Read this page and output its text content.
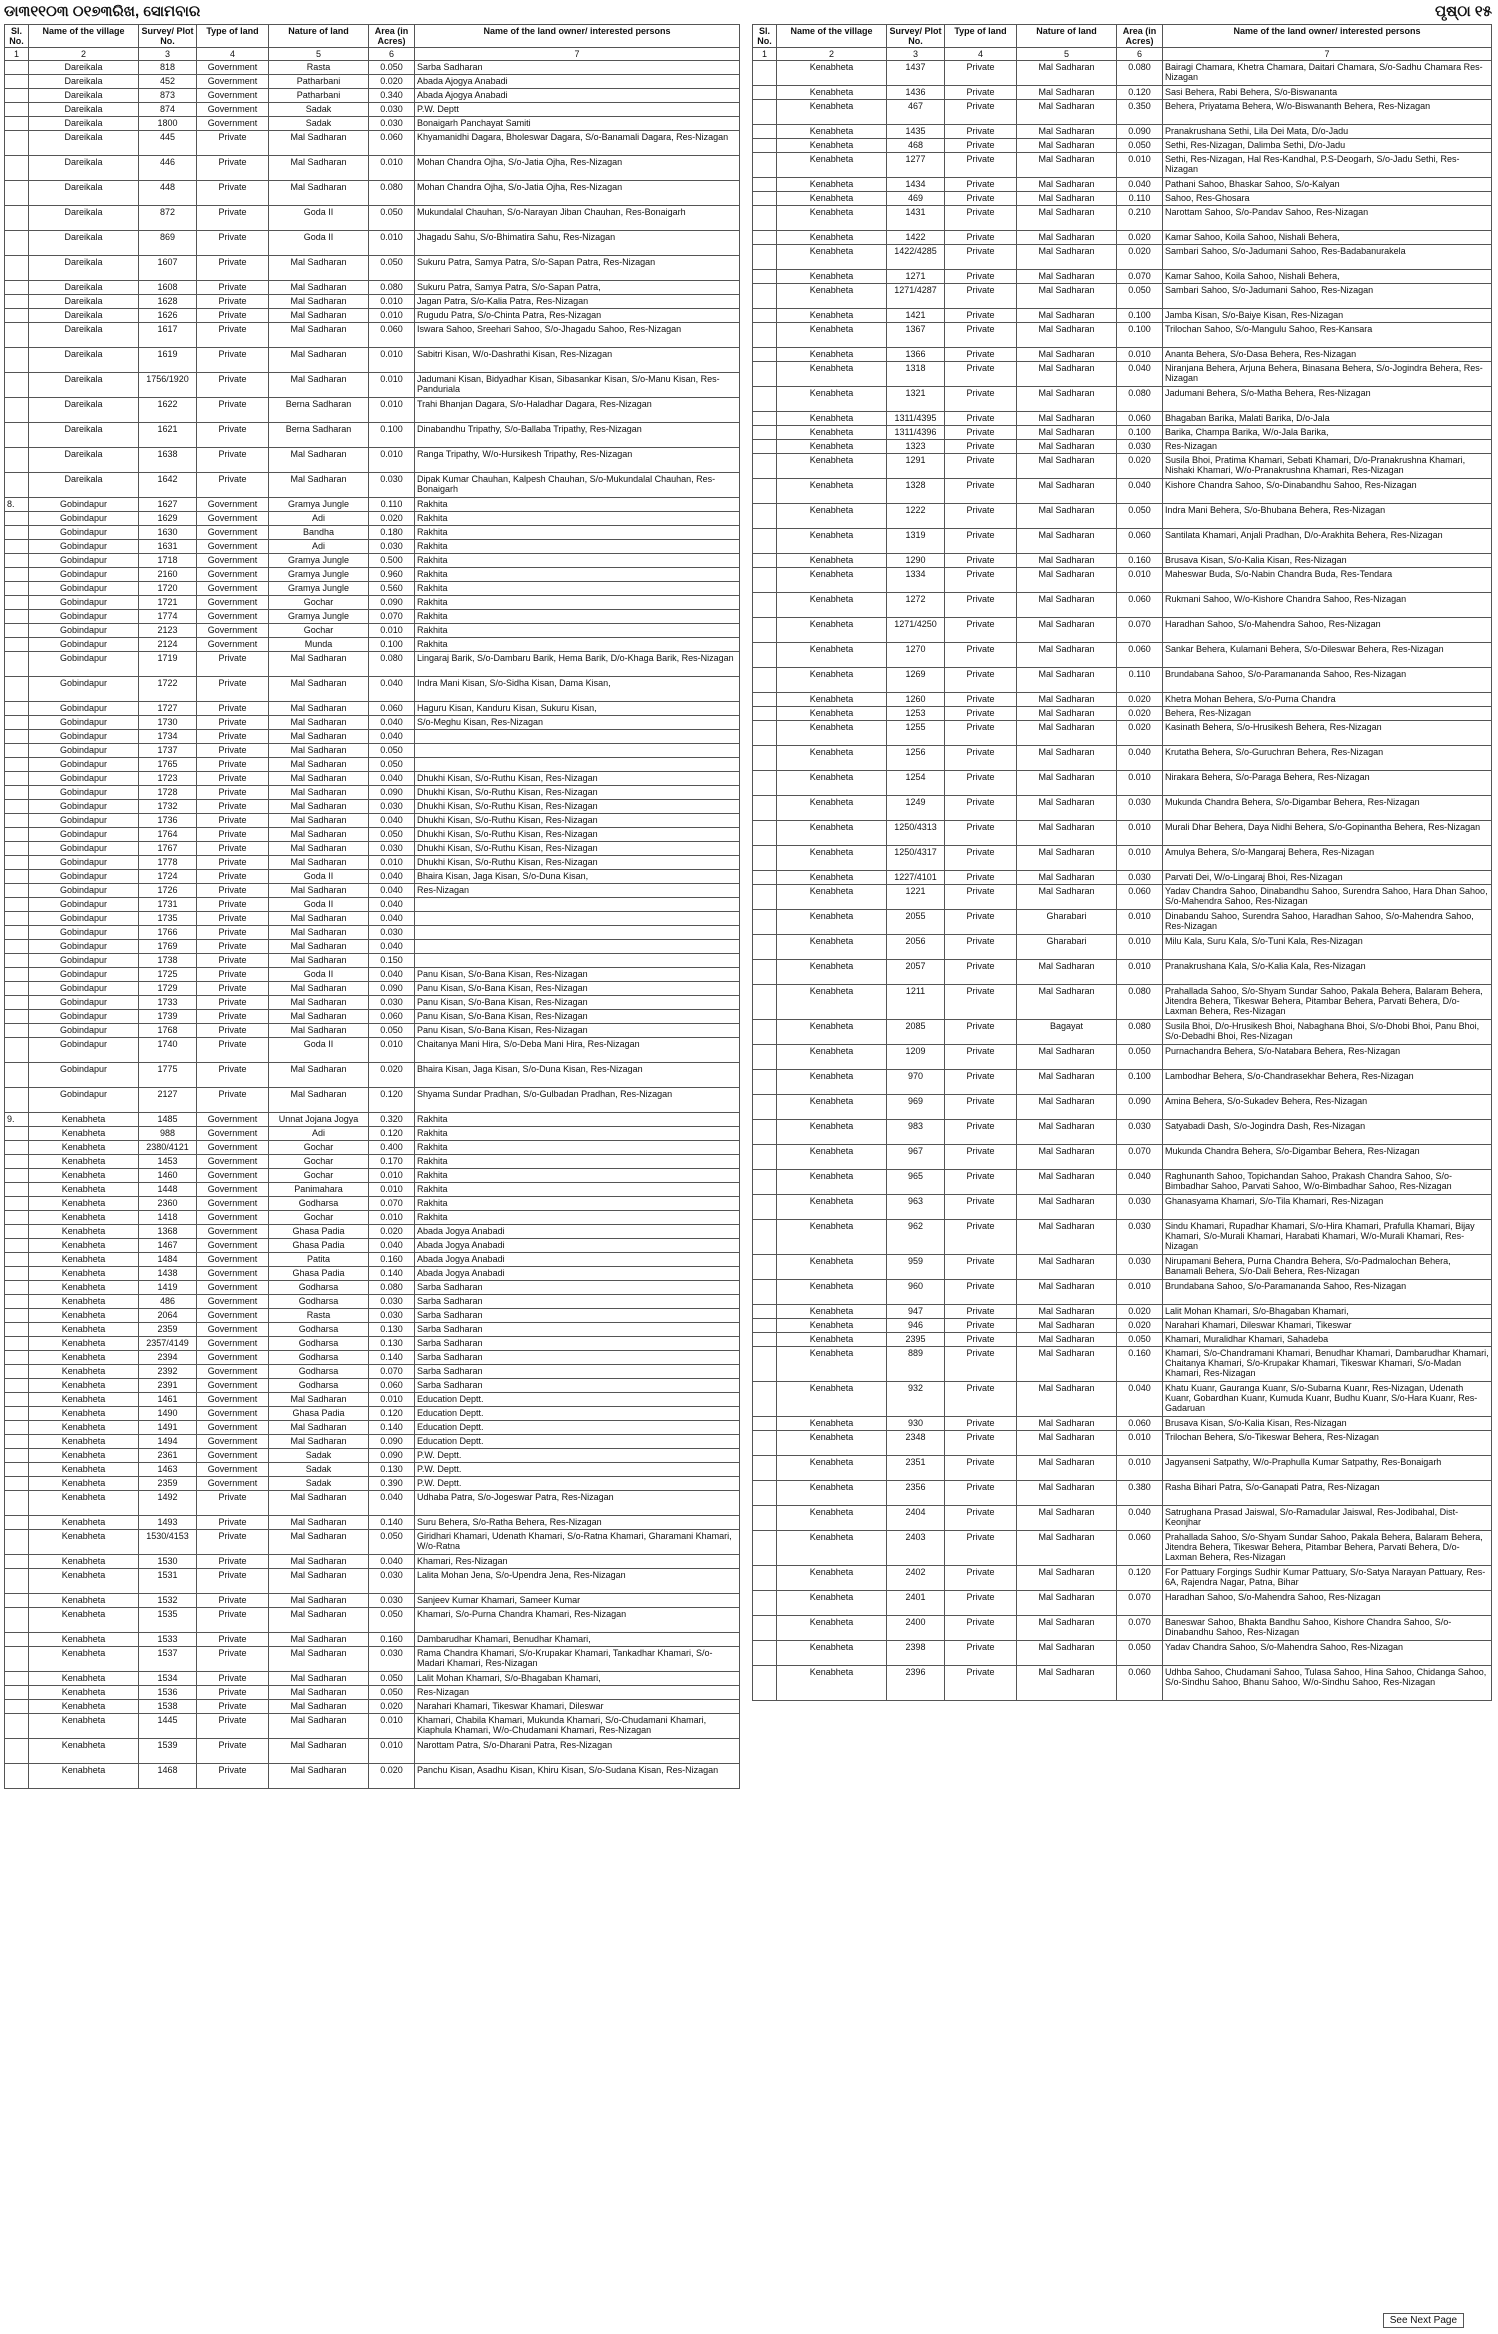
ଡା୩୧୧୦୩ ୦୧୭୩ରିଖ, ସୋମବାର	ପୃଷ୍ଠା ୧୫
Sl. No.	Name of the village	Survey/ Plot No.	Type of land	Nature of land	Area (in Acres)	Name of the land owner/ interested persons
1	2	3	4	5	6	7
	Dareikala	818	Government	Rasta	0.050	Sarba Sadharan
	Dareikala	452	Government	Patharbani	0.020	Abada Ajogya Anabadi
	Dareikala	873	Government	Patharbani	0.340	Abada Ajogya Anabadi
	Dareikala	874	Government	Sadak	0.030	P.W. Deptt
	Dareikala	1800	Government	Sadak	0.030	Bonaigarh Panchayat Samiti
	Dareikala	445	Private	Mal Sadharan	0.060	Khyamanidhi Dagara, Bholeswar Dagara, S/o-Banamali Dagara, Res-Nizagan
	Dareikala	446	Private	Mal Sadharan	0.010	Mohan Chandra Ojha, S/o-Jatia Ojha, Res-Nizagan
	Dareikala	448	Private	Mal Sadharan	0.080	Mohan Chandra Ojha, S/o-Jatia Ojha, Res-Nizagan
	Dareikala	872	Private	Goda II	0.050	Mukundalal Chauhan, S/o-Narayan Jiban Chauhan, Res-Bonaigarh
	Dareikala	869	Private	Goda II	0.010	Jhagadu Sahu, S/o-Bhimatira Sahu, Res-Nizagan
	Dareikala	1607	Private	Mal Sadharan	0.050	Sukuru Patra, Samya Patra, S/o-Sapan Patra, Res-Nizagan
	Dareikala	1608	Private	Mal Sadharan	0.080	Sukuru Patra, Samya Patra, S/o-Sapan Patra,
	Dareikala	1628	Private	Mal Sadharan	0.010	Jagan Patra, S/o-Kalia Patra, Res-Nizagan
	Dareikala	1626	Private	Mal Sadharan	0.010	Rugudu Patra, S/o-Chinta Patra, Res-Nizagan
	Dareikala	1617	Private	Mal Sadharan	0.060	Iswara Sahoo, Sreehari Sahoo, S/o-Jhagadu Sahoo, Res-Nizagan
	Dareikala	1619	Private	Mal Sadharan	0.010	Sabitri Kisan, W/o-Dashrathi Kisan, Res-Nizagan
	Dareikala	1756/1920	Private	Mal Sadharan	0.010	Jadumani Kisan, Bidyadhar Kisan, Sibasankar Kisan, S/o-Manu Kisan, Res-Panduriala
	Dareikala	1622	Private	Berna Sadharan	0.010	Trahi Bhanjan Dagara, S/o-Haladhar Dagara, Res-Nizagan
	Dareikala	1621	Private	Berna Sadharan	0.100	Dinabandhu Tripathy, S/o-Ballaba Tripathy, Res-Nizagan
	Dareikala	1638	Private	Mal Sadharan	0.010	Ranga Tripathy, W/o-Hursikesh Tripathy, Res-Nizagan
	Dareikala	1642	Private	Mal Sadharan	0.030	Dipak Kumar Chauhan, Kalpesh Chauhan, S/o-Mukundalal Chauhan, Res-Bonaigarh
8.	Gobindapur	1627	Government	Gramya Jungle	0.110	Rakhita
	Gobindapur	1629	Government	Adi	0.020	Rakhita
	Gobindapur	1630	Government	Bandha	0.180	Rakhita
	Gobindapur	1631	Government	Adi	0.030	Rakhita
	Gobindapur	1718	Government	Gramya Jungle	0.500	Rakhita
	Gobindapur	2160	Government	Gramya Jungle	0.960	Rakhita
	Gobindapur	1720	Government	Gramya Jungle	0.560	Rakhita
	Gobindapur	1721	Government	Gochar	0.090	Rakhita
	Gobindapur	1774	Government	Gramya Jungle	0.070	Rakhita
	Gobindapur	2123	Government	Gochar	0.010	Rakhita
	Gobindapur	2124	Government	Munda	0.100	Rakhita
	Gobindapur	1719	Private	Mal Sadharan	0.080	Lingaraj Barik, S/o-Dambaru Barik, Hema Barik, D/o-Khaga Barik, Res-Nizagan
	Gobindapur	1722	Private	Mal Sadharan	0.040	Indra Mani Kisan, S/o-Sidha Kisan, Dama Kisan,
	Gobindapur	1727	Private	Mal Sadharan	0.060	Haguru Kisan, Kanduru Kisan, Sukuru Kisan,
	Gobindapur	1730	Private	Mal Sadharan	0.040	S/o-Meghu Kisan, Res-Nizagan
	Gobindapur	1734	Private	Mal Sadharan	0.040	
	Gobindapur	1737	Private	Mal Sadharan	0.050	
	Gobindapur	1765	Private	Mal Sadharan	0.050	
	Gobindapur	1723	Private	Mal Sadharan	0.040	Dhukhi Kisan, S/o-Ruthu Kisan, Res-Nizagan
	Gobindapur	1728	Private	Mal Sadharan	0.090	Dhukhi Kisan, S/o-Ruthu Kisan, Res-Nizagan
	Gobindapur	1732	Private	Mal Sadharan	0.030	Dhukhi Kisan, S/o-Ruthu Kisan, Res-Nizagan
	Gobindapur	1736	Private	Mal Sadharan	0.040	Dhukhi Kisan, S/o-Ruthu Kisan, Res-Nizagan
	Gobindapur	1764	Private	Mal Sadharan	0.050	Dhukhi Kisan, S/o-Ruthu Kisan, Res-Nizagan
	Gobindapur	1767	Private	Mal Sadharan	0.030	Dhukhi Kisan, S/o-Ruthu Kisan, Res-Nizagan
	Gobindapur	1778	Private	Mal Sadharan	0.010	Dhukhi Kisan, S/o-Ruthu Kisan, Res-Nizagan
	Gobindapur	1724	Private	Goda II	0.040	Bhaira Kisan, Jaga Kisan, S/o-Duna Kisan,
	Gobindapur	1726	Private	Mal Sadharan	0.040	Res-Nizagan
	Gobindapur	1731	Private	Goda II	0.040	
	Gobindapur	1735	Private	Mal Sadharan	0.040	
	Gobindapur	1766	Private	Mal Sadharan	0.030	
	Gobindapur	1769	Private	Mal Sadharan	0.040	
	Gobindapur	1738	Private	Mal Sadharan	0.150	
	Gobindapur	1725	Private	Goda II	0.040	Panu Kisan, S/o-Bana Kisan, Res-Nizagan
	Gobindapur	1729	Private	Mal Sadharan	0.090	Panu Kisan, S/o-Bana Kisan, Res-Nizagan
	Gobindapur	1733	Private	Mal Sadharan	0.030	Panu Kisan, S/o-Bana Kisan, Res-Nizagan
	Gobindapur	1739	Private	Mal Sadharan	0.060	Panu Kisan, S/o-Bana Kisan, Res-Nizagan
	Gobindapur	1768	Private	Mal Sadharan	0.050	Panu Kisan, S/o-Bana Kisan, Res-Nizagan
	Gobindapur	1740	Private	Goda II	0.010	Chaitanya Mani Hira, S/o-Deba Mani Hira, Res-Nizagan
	Gobindapur	1775	Private	Mal Sadharan	0.020	Bhaira Kisan, Jaga Kisan, S/o-Duna Kisan, Res-Nizagan
	Gobindapur	2127	Private	Mal Sadharan	0.120	Shyama Sundar Pradhan, S/o-Gulbadan Pradhan, Res-Nizagan
9.	Kenabheta	1485	Government	Unnat Jojana Jogya	0.320	Rakhita
	Kenabheta	988	Government	Adi	0.120	Rakhita
	Kenabheta	2380/4121	Government	Gochar	0.400	Rakhita
	Kenabheta	1453	Government	Gochar	0.170	Rakhita
	Kenabheta	1460	Government	Gochar	0.010	Rakhita
	Kenabheta	1448	Government	Panimahara	0.010	Rakhita
	Kenabheta	2360	Government	Godharsa	0.070	Rakhita
	Kenabheta	1418	Government	Gochar	0.010	Rakhita
	Kenabheta	1368	Government	Ghasa Padia	0.020	Abada Jogya Anabadi
	Kenabheta	1467	Government	Ghasa Padia	0.040	Abada Jogya Anabadi
	Kenabheta	1484	Government	Patita	0.160	Abada Jogya Anabadi
	Kenabheta	1438	Government	Ghasa Padia	0.140	Abada Jogya Anabadi
	Kenabheta	1419	Government	Godharsa	0.080	Sarba Sadharan
	Kenabheta	486	Government	Godharsa	0.030	Sarba Sadharan
	Kenabheta	2064	Government	Rasta	0.030	Sarba Sadharan
	Kenabheta	2359	Government	Godharsa	0.130	Sarba Sadharan
	Kenabheta	2357/4149	Government	Godharsa	0.130	Sarba Sadharan
	Kenabheta	2394	Government	Godharsa	0.140	Sarba Sadharan
	Kenabheta	2392	Government	Godharsa	0.070	Sarba Sadharan
	Kenabheta	2391	Government	Godharsa	0.060	Sarba Sadharan
	Kenabheta	1461	Government	Mal Sadharan	0.010	Education Deptt.
	Kenabheta	1490	Government	Ghasa Padia	0.120	Education Deptt.
	Kenabheta	1491	Government	Mal Sadharan	0.140	Education Deptt.
	Kenabheta	1494	Government	Mal Sadharan	0.090	Education Deptt.
	Kenabheta	2361	Government	Sadak	0.090	P.W. Deptt.
	Kenabheta	1463	Government	Sadak	0.130	P.W. Deptt.
	Kenabheta	2359	Government	Sadak	0.390	P.W. Deptt.
	Kenabheta	1492	Private	Mal Sadharan	0.040	Udhaba Patra, S/o-Jogeswar Patra, Res-Nizagan
	Kenabheta	1493	Private	Mal Sadharan	0.140	Suru Behera, S/o-Ratha Behera, Res-Nizagan
	Kenabheta	1530/4153	Private	Mal Sadharan	0.050	Giridhari Khamari, Udenath Khamari, S/o-Ratna Khamari, Gharamani Khamari, W/o-Ratna
	Kenabheta	1530	Private	Mal Sadharan	0.040	Khamari, Res-Nizagan
	Kenabheta	1531	Private	Mal Sadharan	0.030	Lalita Mohan Jena, S/o-Upendra Jena, Res-Nizagan
	Kenabheta	1532	Private	Mal Sadharan	0.030	Sanjeev Kumar Khamari, Sameer Kumar
	Kenabheta	1535	Private	Mal Sadharan	0.050	Khamari, S/o-Purna Chandra Khamari, Res-Nizagan
	Kenabheta	1533	Private	Mal Sadharan	0.160	Dambarudhar Khamari, Benudhar Khamari,
	Kenabheta	1537	Private	Mal Sadharan	0.030	Rama Chandra Khamari, S/o-Krupakar Khamari, Tankadhar Khamari, S/o-Madari Khamari, Res-Nizagan
	Kenabheta	1534	Private	Mal Sadharan	0.050	Lalit Mohan Khamari, S/o-Bhagaban Khamari,
	Kenabheta	1536	Private	Mal Sadharan	0.050	Res-Nizagan
	Kenabheta	1538	Private	Mal Sadharan	0.020	Narahari Khamari, Tikeswar Khamari, Dileswar
	Kenabheta	1445	Private	Mal Sadharan	0.010	Khamari, Chabila Khamari, Mukunda Khamari, S/o-Chudamani Khamari, Kiaphula Khamari, W/o-Chudamani Khamari, Res-Nizagan
	Kenabheta	1539	Private	Mal Sadharan	0.010	Narottam Patra, S/o-Dharani Patra, Res-Nizagan
	Kenabheta	1468	Private	Mal Sadharan	0.020	Panchu Kisan, Asadhu Kisan, Khiru Kisan, S/o-Sudana Kisan, Res-Nizagan
Sl. No.	Name of the village	Survey/ Plot No.	Type of land	Nature of land	Area (in Acres)	Name of the land owner/ interested persons
1	2	3	4	5	6	7
	Kenabheta	1437	Private	Mal Sadharan	0.080	Bairagi Chamara, Khetra Chamara, Daitari Chamara, S/o-Sadhu Chamara Res-Nizagan
	Kenabheta	1436	Private	Mal Sadharan	0.120	Sasi Behera, Rabi Behera, S/o-Biswananta
	Kenabheta	467	Private	Mal Sadharan	0.350	Behera, Priyatama Behera, W/o-Biswananth Behera, Res-Nizagan
	Kenabheta	1435	Private	Mal Sadharan	0.090	Pranakrushana Sethi, Lila Dei Mata, D/o-Jadu
	Kenabheta	468	Private	Mal Sadharan	0.050	Sethi, Res-Nizagan, Dalimba Sethi, D/o-Jadu
	Kenabheta	1277	Private	Mal Sadharan	0.010	Sethi, Res-Nizagan, Hal Res-Kandhal, P.S-Deogarh, S/o-Jadu Sethi, Res-Nizagan
	Kenabheta	1434	Private	Mal Sadharan	0.040	Pathani Sahoo, Bhaskar Sahoo, S/o-Kalyan
	Kenabheta	469	Private	Mal Sadharan	0.110	Sahoo, Res-Ghosara
	Kenabheta	1431	Private	Mal Sadharan	0.210	Narottam Sahoo, S/o-Pandav Sahoo, Res-Nizagan
	Kenabheta	1422	Private	Mal Sadharan	0.020	Kamar Sahoo, Koila Sahoo, Nishali Behera,
	Kenabheta	1422/4285	Private	Mal Sadharan	0.020	Sambari Sahoo, S/o-Jadumani Sahoo, Res-Badabanurakela
	Kenabheta	1271	Private	Mal Sadharan	0.070	Kamar Sahoo, Koila Sahoo, Nishali Behera,
	Kenabheta	1271/4287	Private	Mal Sadharan	0.050	Sambari Sahoo, S/o-Jadumani Sahoo, Res-Nizagan
	Kenabheta	1421	Private	Mal Sadharan	0.100	Jamba Kisan, S/o-Baiye Kisan, Res-Nizagan
	Kenabheta	1367	Private	Mal Sadharan	0.100	Trilochan Sahoo, S/o-Mangulu Sahoo, Res-Kansara
	Kenabheta	1366	Private	Mal Sadharan	0.010	Ananta Behera, S/o-Dasa Behera, Res-Nizagan
	Kenabheta	1318	Private	Mal Sadharan	0.040	Niranjana Behera, Arjuna Behera, Binasana Behera, S/o-Jogindra Behera, Res-Nizagan
	Kenabheta	1321	Private	Mal Sadharan	0.080	Jadumani Behera, S/o-Matha Behera, Res-Nizagan
	Kenabheta	1311/4395	Private	Mal Sadharan	0.060	Bhagaban Barika, Malati Barika, D/o-Jala
	Kenabheta	1311/4396	Private	Mal Sadharan	0.100	Barika, Champa Barika, W/o-Jala Barika,
	Kenabheta	1323	Private	Mal Sadharan	0.030	Res-Nizagan
	Kenabheta	1291	Private	Mal Sadharan	0.020	Susila Bhoi, Pratima Khamari, Sebati Khamari, D/o-Pranakrushna Khamari, Nishaki Khamari, W/o-Pranakrushna Khamari, Res-Nizagan
	Kenabheta	1328	Private	Mal Sadharan	0.040	Kishore Chandra Sahoo, S/o-Dinabandhu Sahoo, Res-Nizagan
	Kenabheta	1222	Private	Mal Sadharan	0.050	Indra Mani Behera, S/o-Bhubana Behera, Res-Nizagan
	Kenabheta	1319	Private	Mal Sadharan	0.060	Santilata Khamari, Anjali Pradhan, D/o-Arakhita Behera, Res-Nizagan
	Kenabheta	1290	Private	Mal Sadharan	0.160	Brusava Kisan, S/o-Kalia Kisan, Res-Nizagan
	Kenabheta	1334	Private	Mal Sadharan	0.010	Maheswar Buda, S/o-Nabin Chandra Buda, Res-Tendara
	Kenabheta	1272	Private	Mal Sadharan	0.060	Rukmani Sahoo, W/o-Kishore Chandra Sahoo, Res-Nizagan
	Kenabheta	1271/4250	Private	Mal Sadharan	0.070	Haradhan Sahoo, S/o-Mahendra Sahoo, Res-Nizagan
	Kenabheta	1270	Private	Mal Sadharan	0.060	Sankar Behera, Kulamani Behera, S/o-Dileswar Behera, Res-Nizagan
	Kenabheta	1269	Private	Mal Sadharan	0.110	Brundabana Sahoo, S/o-Paramananda Sahoo, Res-Nizagan
	Kenabheta	1260	Private	Mal Sadharan	0.020	Khetra Mohan Behera, S/o-Purna Chandra
	Kenabheta	1253	Private	Mal Sadharan	0.020	Behera, Res-Nizagan
	Kenabheta	1255	Private	Mal Sadharan	0.020	Kasinath Behera, S/o-Hrusikesh Behera, Res-Nizagan
	Kenabheta	1256	Private	Mal Sadharan	0.040	Krutatha Behera, S/o-Guruchran Behera, Res-Nizagan
	Kenabheta	1254	Private	Mal Sadharan	0.010	Nirakara Behera, S/o-Paraga Behera, Res-Nizagan
	Kenabheta	1249	Private	Mal Sadharan	0.030	Mukunda Chandra Behera, S/o-Digambar Behera, Res-Nizagan
	Kenabheta	1250/4313	Private	Mal Sadharan	0.010	Murali Dhar Behera, Daya Nidhi Behera, S/o-Gopinantha Behera, Res-Nizagan
	Kenabheta	1250/4317	Private	Mal Sadharan	0.010	Amulya Behera, S/o-Mangaraj Behera, Res-Nizagan
	Kenabheta	1227/4101	Private	Mal Sadharan	0.030	Parvati Dei, W/o-Lingaraj Bhoi, Res-Nizagan
	Kenabheta	1221	Private	Mal Sadharan	0.060	Yadav Chandra Sahoo, Dinabandhu Sahoo, Surendra Sahoo, Hara Dhan Sahoo, S/o-Mahendra Sahoo, Res-Nizagan
	Kenabheta	2055	Private	Gharabari	0.010	Dinabandu Sahoo, Surendra Sahoo, Haradhan Sahoo, S/o-Mahendra Sahoo, Res-Nizagan
	Kenabheta	2056	Private	Gharabari	0.010	Milu Kala, Suru Kala, S/o-Tuni Kala, Res-Nizagan
	Kenabheta	2057	Private	Mal Sadharan	0.010	Pranakrushana Kala, S/o-Kalia Kala, Res-Nizagan
	Kenabheta	1211	Private	Mal Sadharan	0.080	Prahallada Sahoo, S/o-Shyam Sundar Sahoo, Pakala Behera, Balaram Behera, Jitendra Behera, Tikeswar Behera, Pitambar Behera, Parvati Behera, D/o-Laxman Behera, Res-Nizagan
	Kenabheta	2085	Private	Bagayat	0.080	Susila Bhoi, D/o-Hrusikesh Bhoi, Nabaghana Bhoi, S/o-Dhobi Bhoi, Panu Bhoi, S/o-Debadhi Bhoi, Res-Nizagan
	Kenabheta	1209	Private	Mal Sadharan	0.050	Purnachandra Behera, S/o-Natabara Behera, Res-Nizagan
	Kenabheta	970	Private	Mal Sadharan	0.100	Lambodhar Behera, S/o-Chandrasekhar Behera, Res-Nizagan
	Kenabheta	969	Private	Mal Sadharan	0.090	Amina Behera, S/o-Sukadev Behera, Res-Nizagan
	Kenabheta	983	Private	Mal Sadharan	0.030	Satyabadi Dash, S/o-Jogindra Dash, Res-Nizagan
	Kenabheta	967	Private	Mal Sadharan	0.070	Mukunda Chandra Behera, S/o-Digambar Behera, Res-Nizagan
	Kenabheta	965	Private	Mal Sadharan	0.040	Raghunanth Sahoo, Topichandan Sahoo, Prakash Chandra Sahoo, S/o-Bimbadhar Sahoo, Parvati Sahoo, W/o-Bimbadhar Sahoo, Res-Nizagan
	Kenabheta	963	Private	Mal Sadharan	0.030	Ghanasyama Khamari, S/o-Tila Khamari, Res-Nizagan
	Kenabheta	962	Private	Mal Sadharan	0.030	Sindu Khamari, Rupadhar Khamari, S/o-Hira Khamari, Prafulla Khamari, Bijay Khamari, S/o-Murali Khamari, Harabati Khamari, W/o-Murali Khamari, Res-Nizagan
	Kenabheta	959	Private	Mal Sadharan	0.030	Nirupamani Behera, Purna Chandra Behera, S/o-Padmalochan Behera, Banamali Behera, S/o-Dali Behera, Res-Nizagan
	Kenabheta	960	Private	Mal Sadharan	0.010	Brundabana Sahoo, S/o-Paramananda Sahoo, Res-Nizagan
	Kenabheta	947	Private	Mal Sadharan	0.020	Lalit Mohan Khamari, S/o-Bhagaban Khamari,
	Kenabheta	946	Private	Mal Sadharan	0.020	Narahari Khamari, Dileswar Khamari, Tikeswar
	Kenabheta	2395	Private	Mal Sadharan	0.050	Khamari, Muralidhar Khamari, Sahadeba
	Kenabheta	889	Private	Mal Sadharan	0.160	Khamari, S/o-Chandramani Khamari, Benudhar Khamari, Dambarudhar Khamari, Chaitanya Khamari, S/o-Krupakar Khamari, Tikeswar Khamari, S/o-Madan Khamari, Res-Nizagan
	Kenabheta	932	Private	Mal Sadharan	0.040	Khatu Kuanr, Gauranga Kuanr, S/o-Subarna Kuanr, Res-Nizagan, Udenath Kuanr, Gobardhan Kuanr, Kumuda Kuanr, Budhu Kuanr, S/o-Hara Kuanr, Res-Gadaruan
	Kenabheta	930	Private	Mal Sadharan	0.060	Brusava Kisan, S/o-Kalia Kisan, Res-Nizagan
	Kenabheta	2348	Private	Mal Sadharan	0.010	Trilochan Behera, S/o-Tikeswar Behera, Res-Nizagan
	Kenabheta	2351	Private	Mal Sadharan	0.010	Jagyanseni Satpathy, W/o-Praphulla Kumar Satpathy, Res-Bonaigarh
	Kenabheta	2356	Private	Mal Sadharan	0.380	Rasha Bihari Patra, S/o-Ganapati Patra, Res-Nizagan
	Kenabheta	2404	Private	Mal Sadharan	0.040	Satrughana Prasad Jaiswal, S/o-Ramadular Jaiswal, Res-Jodibahal, Dist-Keonjhar
	Kenabheta	2403	Private	Mal Sadharan	0.060	Prahallada Sahoo, S/o-Shyam Sundar Sahoo, Pakala Behera, Balaram Behera, Jitendra Behera, Tikeswar Behera, Pitambar Behera, Parvati Behera, D/o-Laxman Behera, Res-Nizagan
	Kenabheta	2402	Private	Mal Sadharan	0.120	For Pattuary Forgings Sudhir Kumar Pattuary, S/o-Satya Narayan Pattuary, Res-6A, Rajendra Nagar, Patna, Bihar
	Kenabheta	2401	Private	Mal Sadharan	0.070	Haradhan Sahoo, S/o-Mahendra Sahoo, Res-Nizagan
	Kenabheta	2400	Private	Mal Sadharan	0.070	Baneswar Sahoo, Bhakta Bandhu Sahoo, Kishore Chandra Sahoo, S/o-Dinabandhu Sahoo, Res-Nizagan
	Kenabheta	2398	Private	Mal Sadharan	0.050	Yadav Chandra Sahoo, S/o-Mahendra Sahoo, Res-Nizagan
	Kenabheta	2396	Private	Mal Sadharan	0.060	Udhba Sahoo, Chudamani Sahoo, Tulasa Sahoo, Hina Sahoo, Chidanga Sahoo, S/o-Sindhu Sahoo, Bhanu Sahoo, W/o-Sindhu Sahoo, Res-Nizagan
See Next Page
